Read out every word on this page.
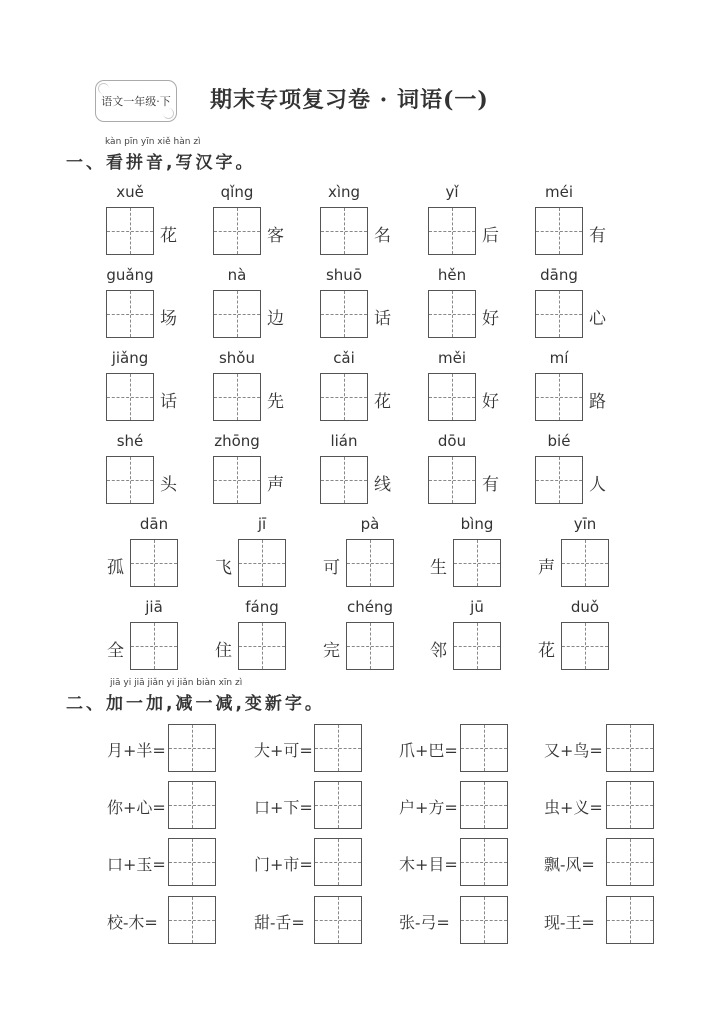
语文一年级·下 期末专项复习卷 · 词语(一)
kàn pīn yīn xiě hàn zì
一、看拼音,写汉字。
xuě
花
qǐng
客
xìng
名
yǐ
后
méi
有
guǎng
场
nà
边
shuō
话
hěn
好
dāng
心
jiǎng
话
shǒu
先
cǎi
花
měi
好
mí
路
shé
头
zhōng
声
lián
线
dōu
有
bié
人
dān
孤
jī
飞
pà
可
bìng
生
yīn
声
jiā
全
fáng
住
chéng
完
jū
邻
duǒ
花
jiā yi jiā jiǎn yi jiǎn biàn xīn zì
二、加一加,减一减,变新字。
月+半=	大+可=	爪+巴=	又+鸟=
你+心=	口+下=	户+方=	虫+义=
口+玉=	门+市=	木+目=	飘-风=
校-木=	甜-舌=	张-弓=	现-王=
